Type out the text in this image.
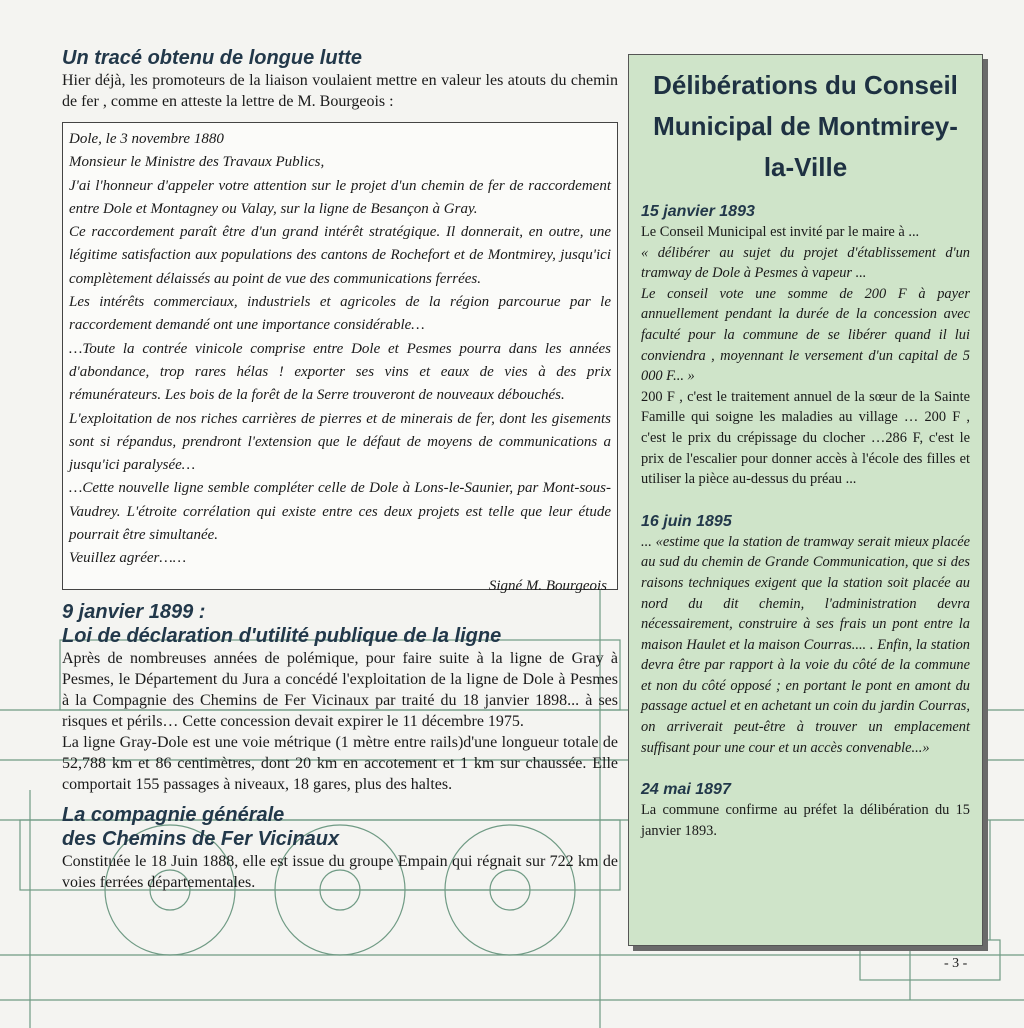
Un tracé obtenu de longue lutte

Hier déjà, les promoteurs de la liaison voulaient mettre en valeur les atouts du chemin de fer , comme en atteste la lettre de M. Bourgeois :

Dole, le 3 novembre 1880

Monsieur le Ministre des Travaux Publics,

J'ai l'honneur d'appeler votre attention sur le projet d'un chemin de fer de raccordement entre Dole et Montagney ou Valay, sur la ligne de Besançon à Gray.

Ce raccordement paraît être d'un grand intérêt stratégique. Il donnerait, en outre, une légitime satisfaction aux populations des cantons de Rochefort et de Montmirey, jusqu'ici complètement délaissés au point de vue des communications ferrées.

Les intérêts commerciaux, industriels et agricoles de la région parcourue par le raccordement demandé ont une importance considérable…

…Toute la contrée vinicole comprise entre Dole et Pesmes pourra dans les années d'abondance, trop rares hélas ! exporter ses vins et eaux de vies à des prix rémunérateurs. Les bois de la forêt de la Serre trouveront de nouveaux débouchés.

L'exploitation de nos riches carrières de pierres et de minerais de fer, dont les gisements sont si répandus, prendront l'extension que le défaut de moyens de communications a jusqu'ici paralysée…

…Cette nouvelle ligne semble compléter celle de Dole à Lons-le-Saunier, par Mont-sous-Vaudrey. L'étroite corrélation qui existe entre ces deux projets est telle que leur étude pourrait être simultanée.

Veuillez agréer……

Signé M. Bourgeois

9 janvier 1899 :
Loi de déclaration d'utilité publique de la ligne

Après de nombreuses années de polémique, pour faire suite à la ligne de Gray à Pesmes, le Département du Jura a concédé l'exploitation de la ligne de Dole à Pesmes à la Compagnie des Chemins de Fer Vicinaux par traité du 18 janvier 1898... à ses risques et périls… Cette concession devait expirer le 11 décembre 1975.

La ligne Gray-Dole est une voie métrique (1 mètre entre rails)d'une longueur totale de 52,788 km et 86 centimètres, dont 20 km en accotement et 1 km sur chaussée. Elle comportait 155 passages à niveaux, 18 gares, plus des haltes.

La compagnie générale
des Chemins de Fer Vicinaux

Constituée le 18 Juin 1888, elle est issue du groupe Empain qui régnait sur 722 km de voies ferrées départementales.

Délibérations du Conseil Municipal de Montmirey-la-Ville
15 janvier 1893

Le Conseil Municipal est invité par le maire à ...

« délibérer au sujet du projet d'établissement d'un tramway de Dole à Pesmes à vapeur ...

Le conseil vote une somme de 200 F à payer annuellement pendant la durée de la concession avec faculté pour la commune de se libérer quand il lui conviendra , moyennant le versement d'un capital de 5 000 F... »

200 F , c'est le traitement annuel de la sœur de la Sainte Famille qui soigne les maladies au village … 200 F , c'est le prix du crépissage du clocher …286 F, c'est le prix de l'escalier pour donner accès à l'école des filles et utiliser la pièce au-dessus du préau ...

16 juin 1895

... «estime que la station de tramway serait mieux placée au sud du chemin de Grande Communication, que si des raisons techniques exigent que la station soit placée au nord du dit chemin, l'administration devra nécessairement, construire à ses frais un pont entre la maison Haulet et la maison Courras.... . Enfin, la station devra être par rapport à la voie du côté de la commune et non du côté opposé ; en portant le pont en amont du passage actuel et en achetant un coin du jardin Courras, on arriverait peut-être à trouver un emplacement suffisant pour une cour et un accès convenable...»

24 mai 1897

La commune confirme au préfet la délibération du 15 janvier 1893.

- 3 -
